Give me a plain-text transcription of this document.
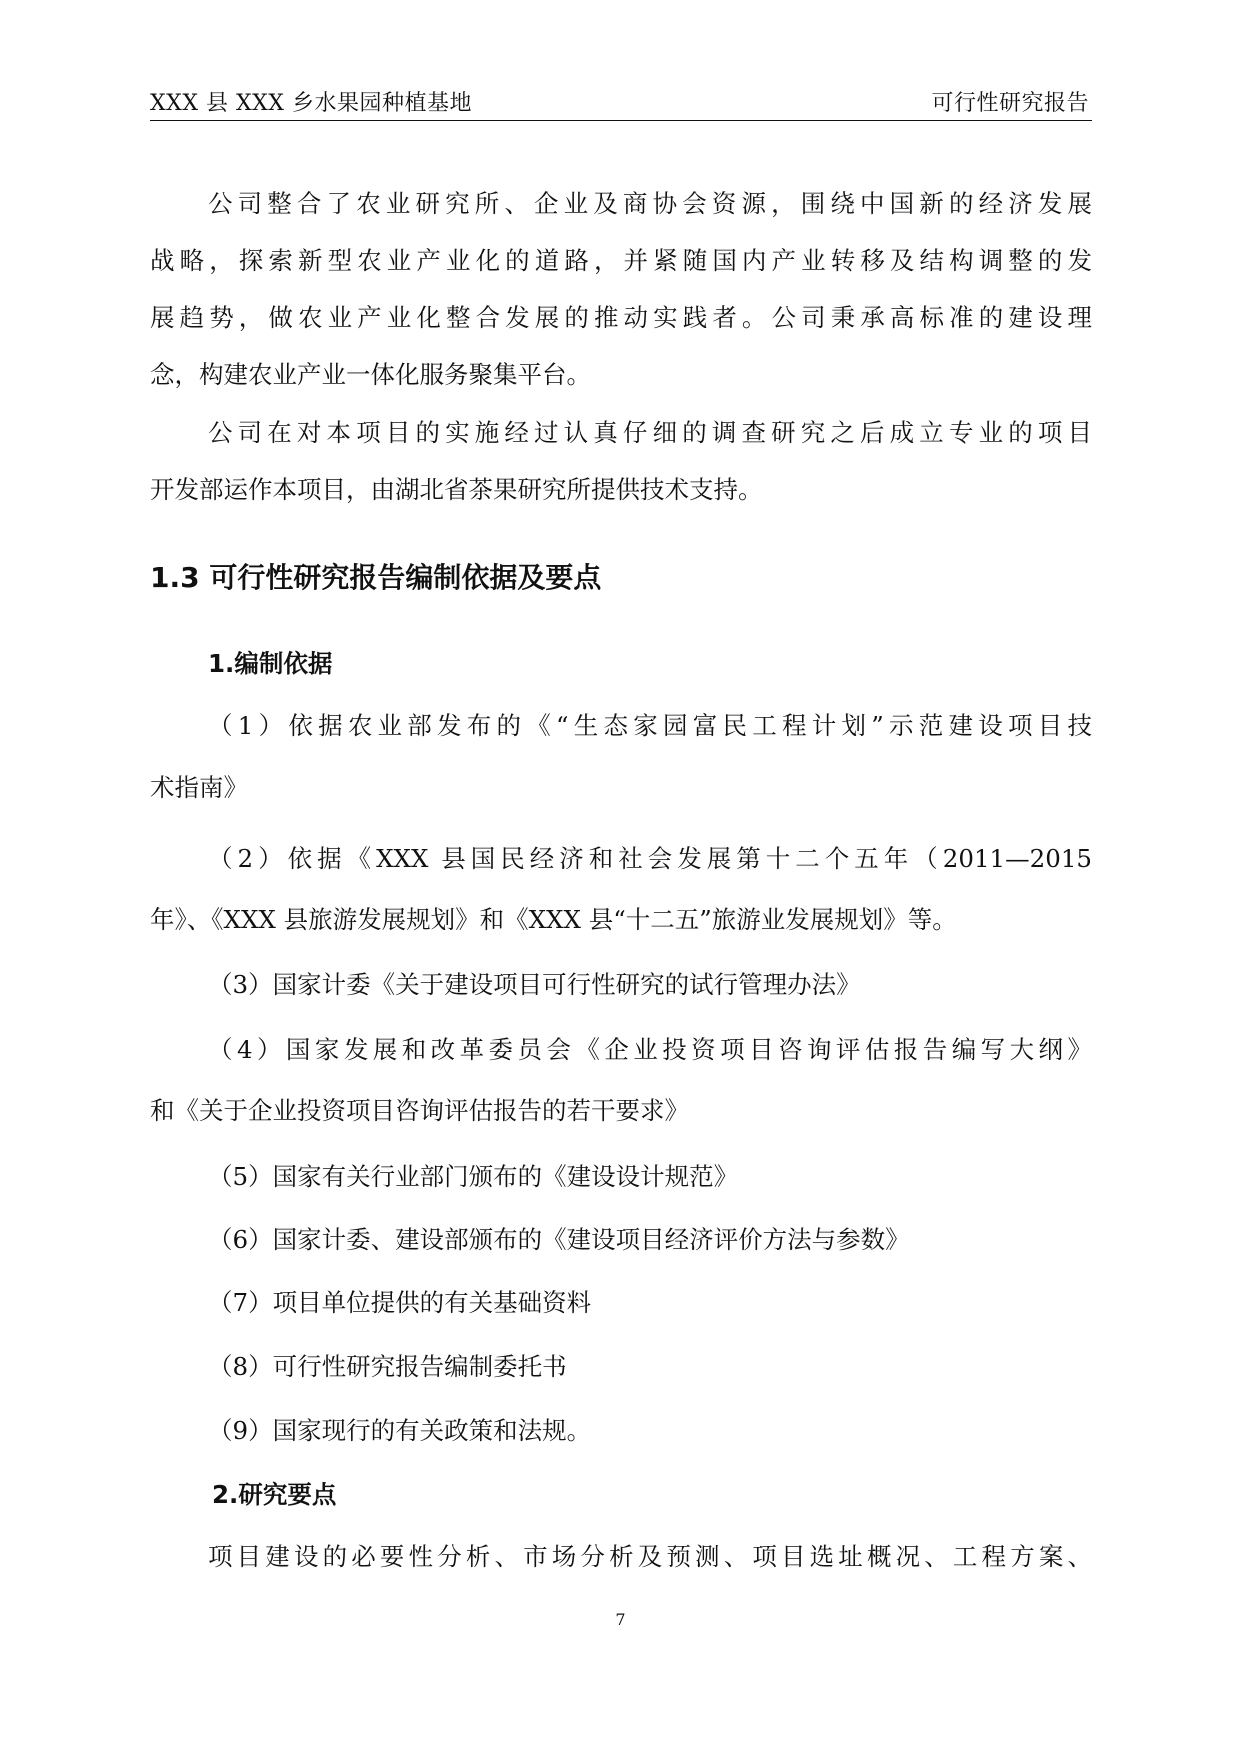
XXX 县 XXX 乡水果园种植基地	可行性研究报告
公司整合了农业研究所、企业及商协会资源，围绕中国新的经济发展
战略，探索新型农业产业化的道路，并紧随国内产业转移及结构调整的发
展趋势，做农业产业化整合发展的推动实践者。公司秉承高标准的建设理
念，构建农业产业一体化服务聚集平台。
公司在对本项目的实施经过认真仔细的调查研究之后成立专业的项目
开发部运作本项目，由湖北省茶果研究所提供技术支持。
1.3 可行性研究报告编制依据及要点
1.编制依据
（1）依据农业部发布的《“生态家园富民工程计划”示范建设项目技
术指南》
（2）依据《XXX 县国民经济和社会发展第十二个五年（2011—2015
年》、《XXX 县旅游发展规划》和《XXX 县“十二五”旅游业发展规划》等。
（3）国家计委《关于建设项目可行性研究的试行管理办法》
（4）国家发展和改革委员会《企业投资项目咨询评估报告编写大纲》
和《关于企业投资项目咨询评估报告的若干要求》
（5）国家有关行业部门颁布的《建设设计规范》
（6）国家计委、建设部颁布的《建设项目经济评价方法与参数》
（7）项目单位提供的有关基础资料
（8）可行性研究报告编制委托书
（9）国家现行的有关政策和法规。
2.研究要点
项目建设的必要性分析、市场分析及预测、项目选址概况、工程方案、
7
